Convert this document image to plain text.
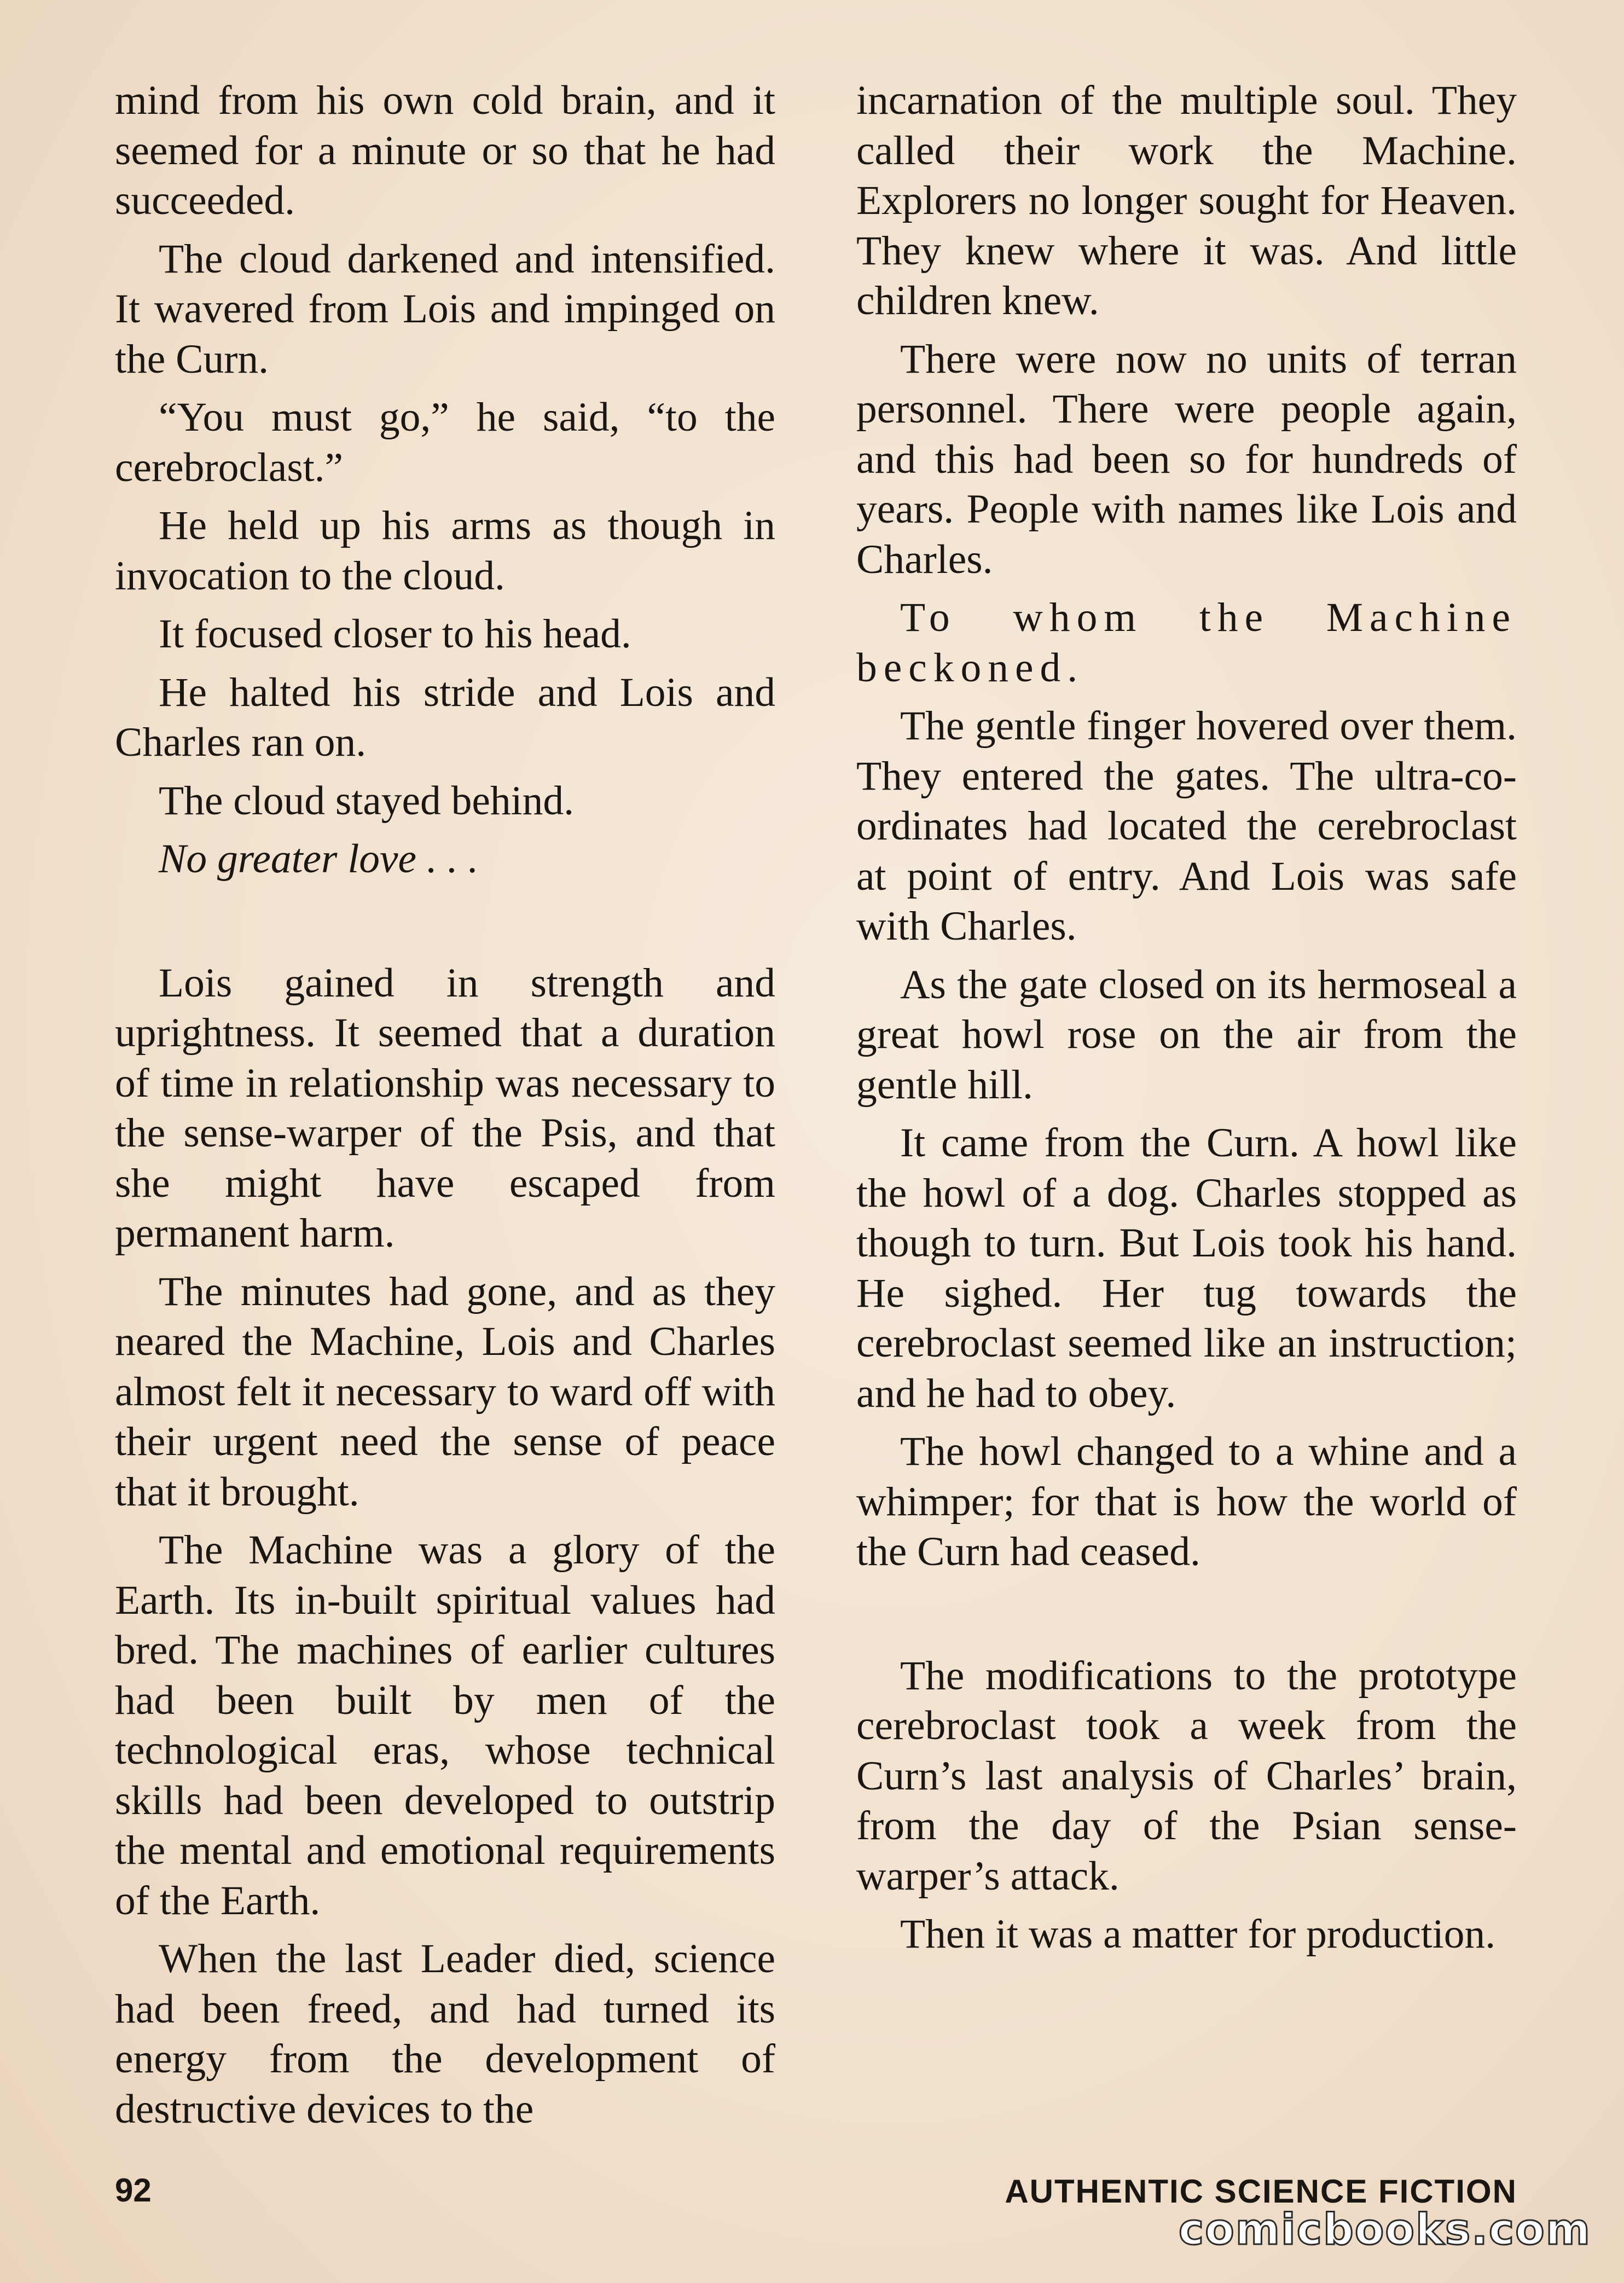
mind from his own cold brain, and it seemed for a minute or so that he had succeeded.

The cloud darkened and intensified. It wavered from Lois and impinged on the Curn.

“You must go,” he said, “to the cerebroclast.”

He held up his arms as though in invocation to the cloud.

It focused closer to his head.

He halted his stride and Lois and Charles ran on.

The cloud stayed behind.

No greater love . . .

Lois gained in strength and uprightness. It seemed that a duration of time in relationship was necessary to the sense-warper of the Psis, and that she might have escaped from permanent harm.

The minutes had gone, and as they neared the Machine, Lois and Charles almost felt it necessary to ward off with their urgent need the sense of peace that it brought.

The Machine was a glory of the Earth. Its in-built spiritual values had bred. The machines of earlier cultures had been built by men of the technological eras, whose technical skills had been developed to outstrip the mental and emotional requirements of the Earth.

When the last Leader died, science had been freed, and had turned its energy from the development of destructive devices to the

incarnation of the multiple soul. They called their work the Machine. Explorers no longer sought for Heaven. They knew where it was. And little children knew.

There were now no units of terran personnel. There were people again, and this had been so for hundreds of years. People with names like Lois and Charles.

To whom the Machine beckoned.

The gentle finger hovered over them. They entered the gates. The ultra-co-ordinates had located the cerebroclast at point of entry. And Lois was safe with Charles.

As the gate closed on its hermoseal a great howl rose on the air from the gentle hill.

It came from the Curn. A howl like the howl of a dog. Charles stopped as though to turn. But Lois took his hand. He sighed. Her tug towards the cerebroclast seemed like an instruction; and he had to obey.

The howl changed to a whine and a whimper; for that is how the world of the Curn had ceased.

The modifications to the prototype cerebroclast took a week from the Curn’s last analysis of Charles’ brain, from the day of the Psian sense-warper’s attack.

Then it was a matter for production.

92	AUTHENTIC SCIENCE FICTION
comicbooks.com
